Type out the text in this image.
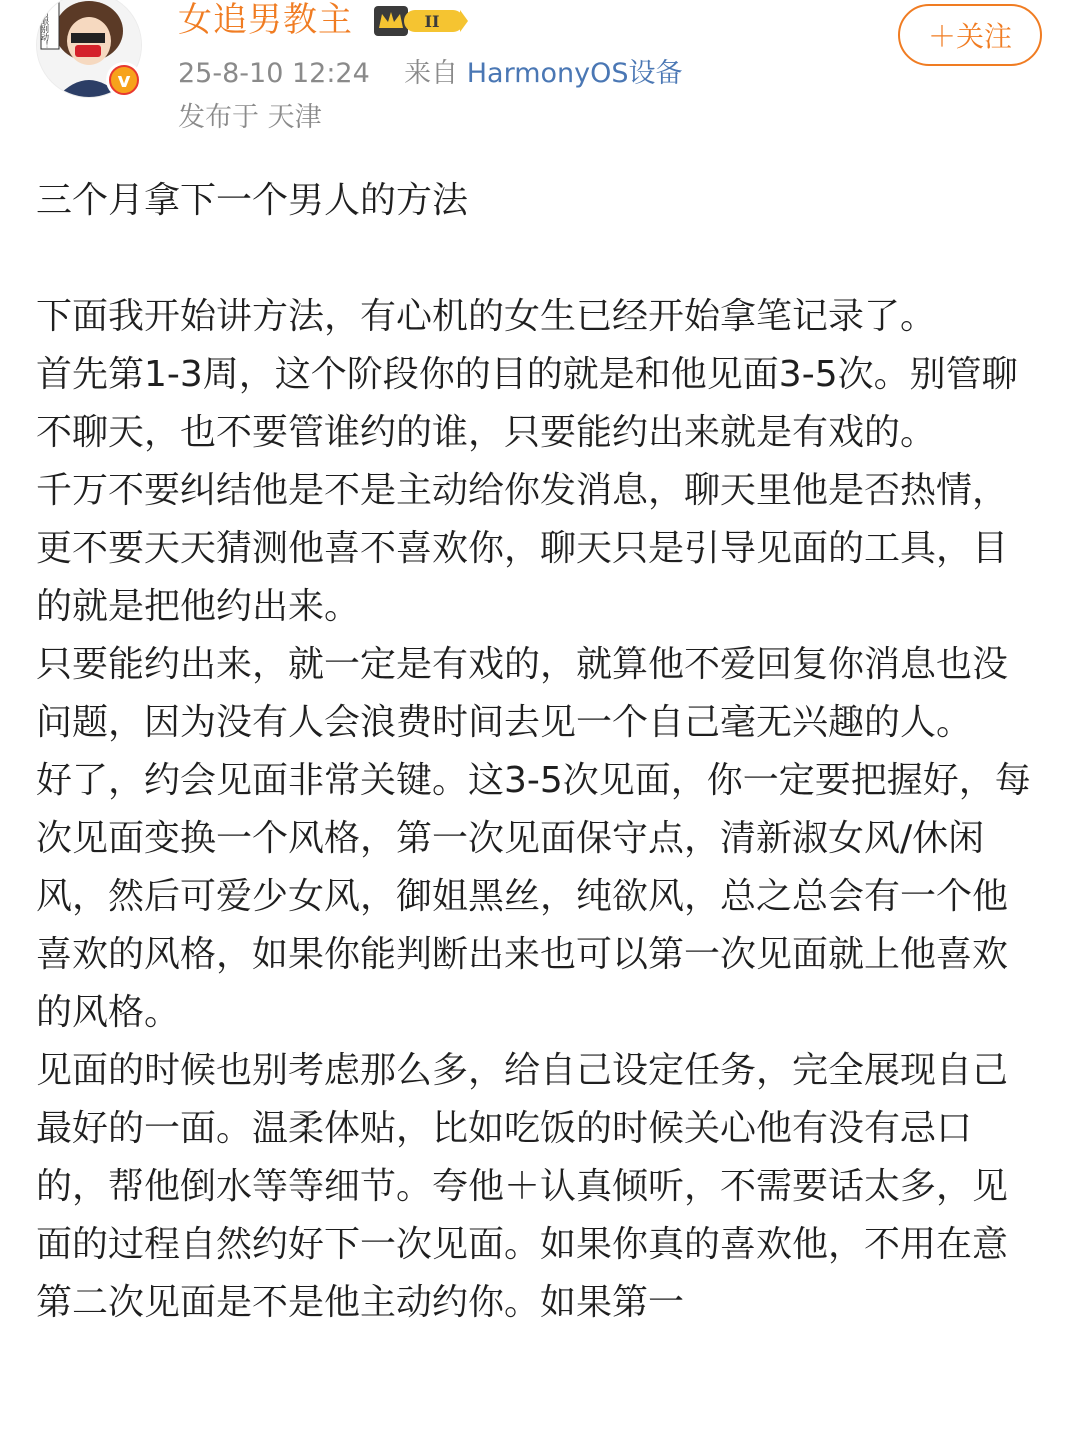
防眼别动！
v
女追男教主	II
25-8-10 12:24 来自 HarmonyOS设备
发布于 天津
＋关注
三个月拿下一个男人的方法

下面我开始讲方法，有心机的女生已经开始拿笔记录了。

首先第1-3周，这个阶段你的目的就是和他见面3-5次。别管聊不聊天，也不要管谁约的谁，只要能约出来就是有戏的。

千万不要纠结他是不是主动给你发消息，聊天里他是否热情，更不要天天猜测他喜不喜欢你，聊天只是引导见面的工具，目的就是把他约出来。

只要能约出来，就一定是有戏的，就算他不爱回复你消息也没问题，因为没有人会浪费时间去见一个自己毫无兴趣的人。

好了，约会见面非常关键。这3-5次见面，你一定要把握好，每次见面变换一个风格，第一次见面保守点，清新淑女风/休闲风，然后可爱少女风，御姐黑丝，纯欲风，总之总会有一个他喜欢的风格，如果你能判断出来也可以第一次见面就上他喜欢的风格。

见面的时候也别考虑那么多，给自己设定任务，完全展现自己最好的一面。温柔体贴，比如吃饭的时候关心他有没有忌口的，帮他倒水等等细节。夸他＋认真倾听，不需要话太多，见面的过程自然约好下一次见面。如果你真的喜欢他，不用在意第二次见面是不是他主动约你。如果第一
